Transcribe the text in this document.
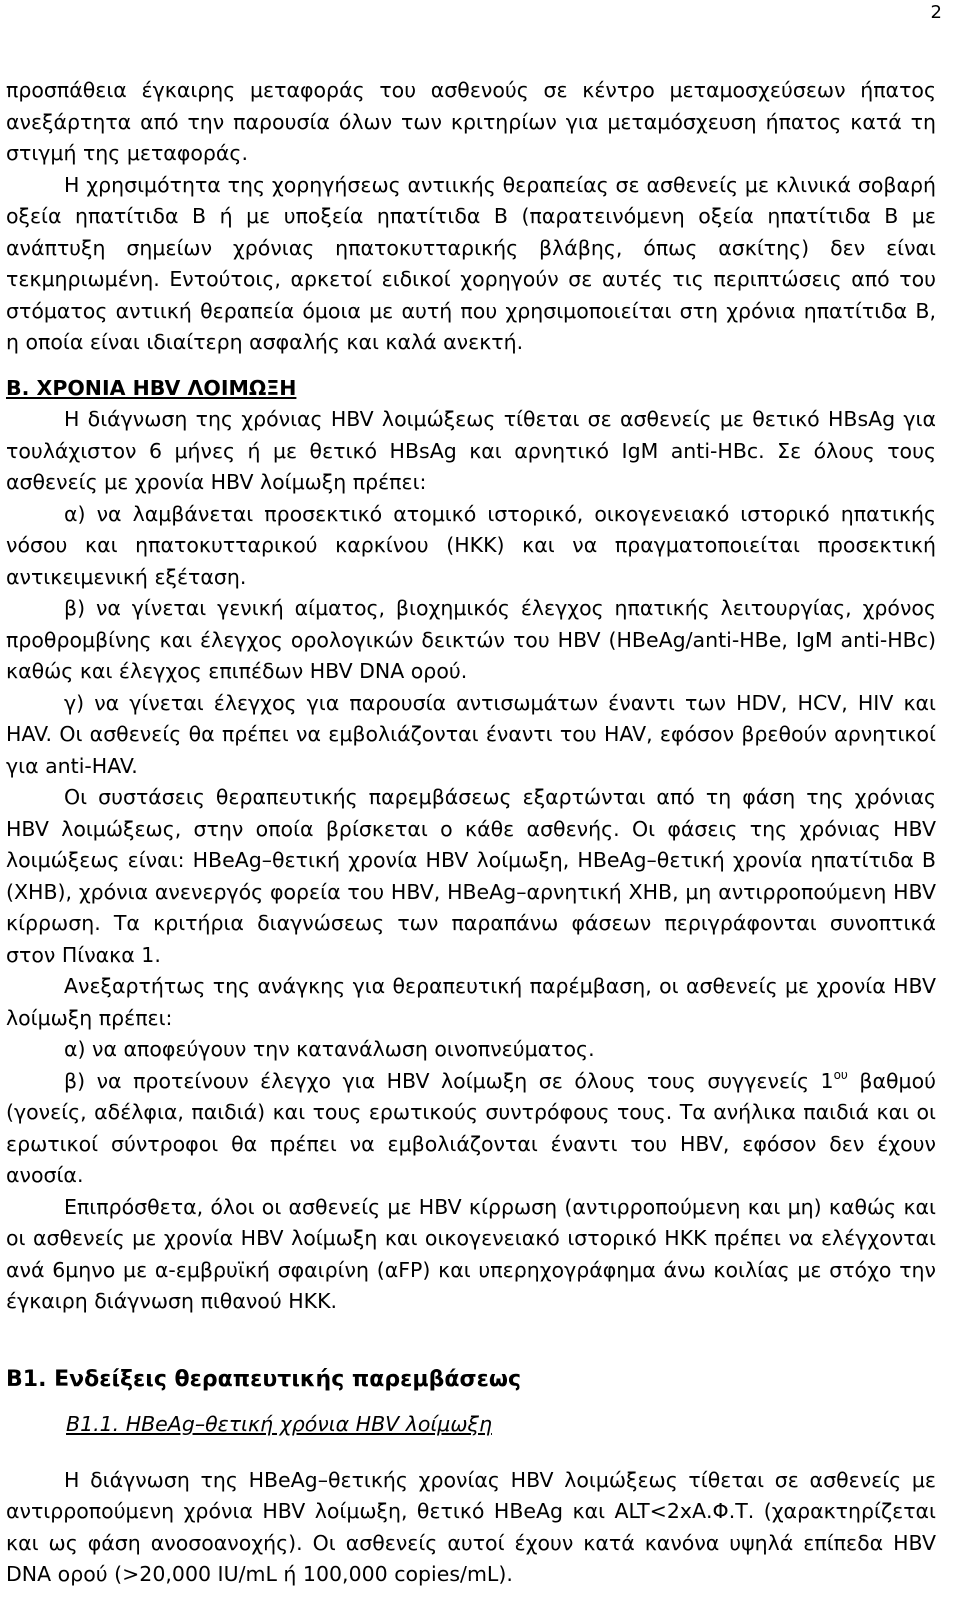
2

προσπάθεια έγκαιρης μεταφοράς του ασθενούς σε κέντρο μεταμοσχεύσεων ήπατος ανεξάρτητα από την παρουσία όλων των κριτηρίων για μεταμόσχευση ήπατος κατά τη στιγμή της μεταφοράς.

Η χρησιμότητα της χορηγήσεως αντιικής θεραπείας σε ασθενείς με κλινικά σοβαρή οξεία ηπατίτιδα Β ή με υποξεία ηπατίτιδα Β (παρατεινόμενη οξεία ηπατίτιδα Β με ανάπτυξη σημείων χρόνιας ηπατοκυτταρικής βλάβης, όπως ασκίτης) δεν είναι τεκμηριωμένη. Εντούτοις, αρκετοί ειδικοί χορηγούν σε αυτές τις περιπτώσεις από του στόματος αντιική θεραπεία όμοια με αυτή που χρησιμοποιείται στη χρόνια ηπατίτιδα Β, η οποία είναι ιδιαίτερη ασφαλής και καλά ανεκτή.

Β. ΧΡΟΝΙΑ HBV ΛΟΙΜΩΞΗ

Η διάγνωση της χρόνιας HBV λοιμώξεως τίθεται σε ασθενείς με θετικό HBsAg για τουλάχιστον 6 μήνες ή με θετικό HBsAg και αρνητικό IgM anti-HBc. Σε όλους τους ασθενείς με χρονία HBV λοίμωξη πρέπει:

α) να λαμβάνεται προσεκτικό ατομικό ιστορικό, οικογενειακό ιστορικό ηπατικής νόσου και ηπατοκυτταρικού καρκίνου (ΗΚΚ) και να πραγματοποιείται προσεκτική αντικειμενική εξέταση.

β) να γίνεται γενική αίματος, βιοχημικός έλεγχος ηπατικής λειτουργίας, χρόνος προθρομβίνης και έλεγχος ορολογικών δεικτών του HBV (HBeAg/anti-HBe, IgM anti-HBc) καθώς και έλεγχος επιπέδων HBV DNA ορού.

γ) να γίνεται έλεγχος για παρουσία αντισωμάτων έναντι των HDV, HCV, HIV και HAV. Οι ασθενείς θα πρέπει να εμβολιάζονται έναντι του HAV, εφόσον βρεθούν αρνητικοί για anti-HAV.

Οι συστάσεις θεραπευτικής παρεμβάσεως εξαρτώνται από τη φάση της χρόνιας HBV λοιμώξεως, στην οποία βρίσκεται ο κάθε ασθενής. Οι φάσεις της χρόνιας HBV λοιμώξεως είναι: HBeAg–θετική χρονία HBV λοίμωξη, HBeAg–θετική χρονία ηπατίτιδα Β (ΧΗΒ), χρόνια ανενεργός φορεία του HBV, HBeAg–αρνητική ΧΗΒ, μη αντιρροπούμενη HBV κίρρωση. Τα κριτήρια διαγνώσεως των παραπάνω φάσεων περιγράφονται συνοπτικά στον Πίνακα 1.

Ανεξαρτήτως της ανάγκης για θεραπευτική παρέμβαση, οι ασθενείς με χρονία HBV λοίμωξη πρέπει:

α) να αποφεύγουν την κατανάλωση οινοπνεύματος.

β) να προτείνουν έλεγχο για HBV λοίμωξη σε όλους τους συγγενείς $1^{o\upsilon}$ βαθμού (γονείς, αδέλφια, παιδιά) και τους ερωτικούς συντρόφους τους. Τα ανήλικα παιδιά και οι ερωτικοί σύντροφοι θα πρέπει να εμβολιάζονται έναντι του HBV, εφόσον δεν έχουν ανοσία.

Επιπρόσθετα, όλοι οι ασθενείς με HBV κίρρωση (αντιρροπούμενη και μη) καθώς και οι ασθενείς με χρονία HBV λοίμωξη και οικογενειακό ιστορικό ΗΚΚ πρέπει να ελέγχονται ανά 6μηνο με α-εμβρυϊκή σφαιρίνη (αFP) και υπερηχογράφημα άνω κοιλίας με στόχο την έγκαιρη διάγνωση πιθανού ΗΚΚ.

Β1. Ενδείξεις θεραπευτικής παρεμβάσεως
Β1.1. HBeAg–θετική χρόνια HBV λοίμωξη

Η διάγνωση της HBeAg–θετικής χρονίας HBV λοιμώξεως τίθεται σε ασθενείς με αντιρροπούμενη χρόνια HBV λοίμωξη, θετικό HBeAg και ALT<2xΑ.Φ.Τ. (χαρακτηρίζεται και ως φάση ανοσοανοχής). Οι ασθενείς αυτοί έχουν κατά κανόνα υψηλά επίπεδα HBV DNA ορού (>20,000 IU/mL ή 100,000 copies/mL).
